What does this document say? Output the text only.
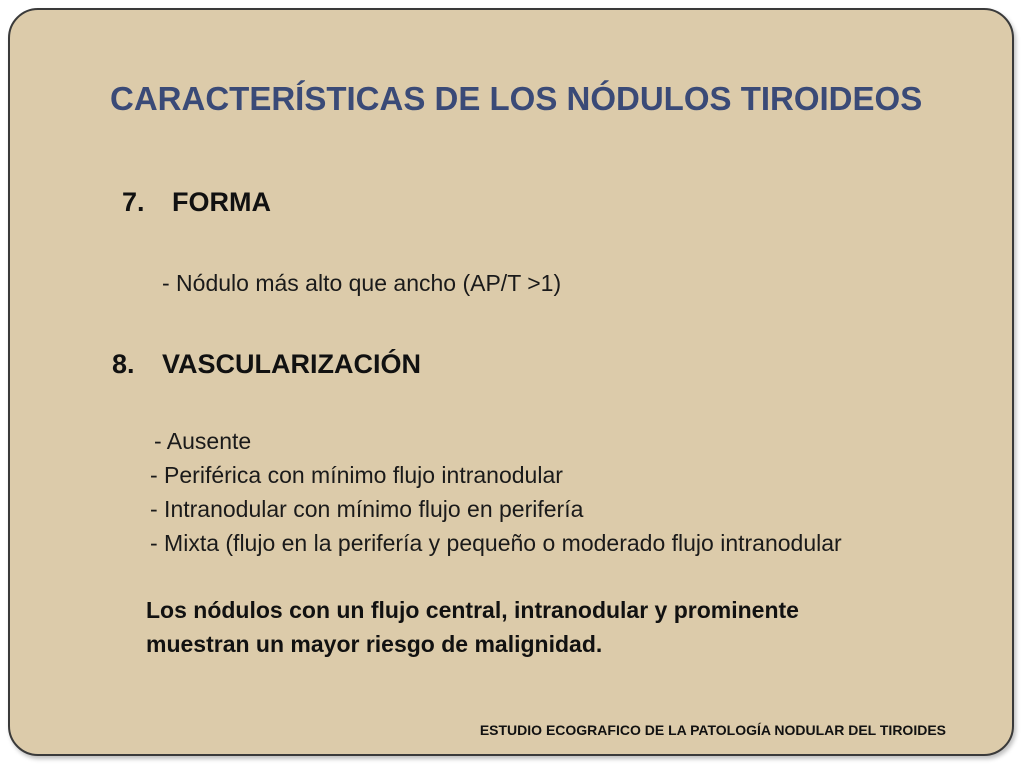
CARACTERÍSTICAS DE LOS NÓDULOS TIROIDEOS
7. FORMA

- Nódulo más alto que ancho (AP/T >1)

8. VASCULARIZACIÓN
- Ausente
- Periférica con mínimo flujo intranodular
- Intranodular con mínimo flujo en perifería
- Mixta (flujo en la perifería y pequeño o moderado flujo intranodular

Los nódulos con un flujo central, intranodular y prominente muestran un mayor riesgo de malignidad.

ESTUDIO ECOGRAFICO DE LA PATOLOGÍA NODULAR DEL TIROIDES
